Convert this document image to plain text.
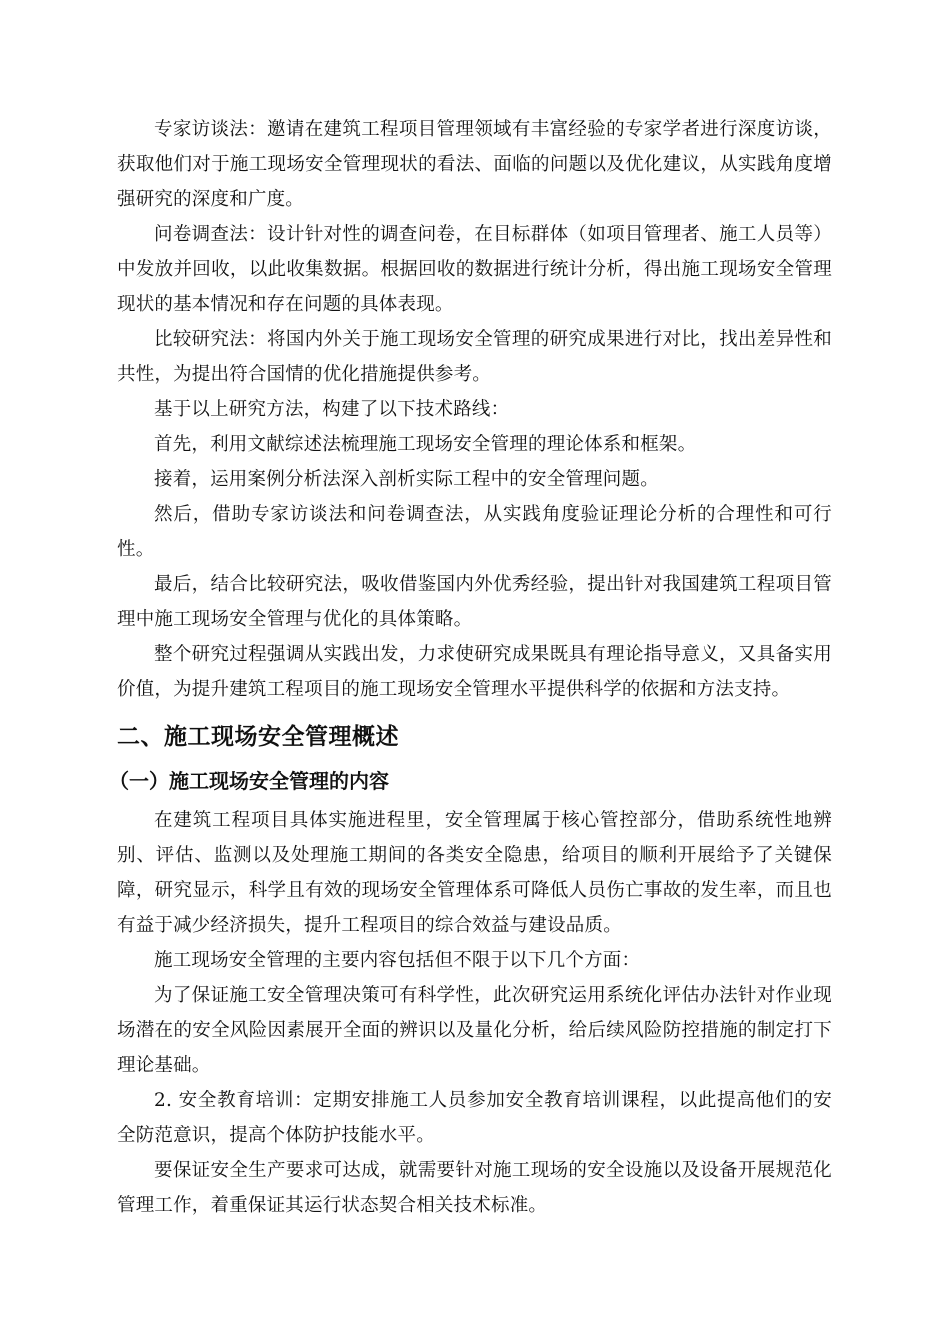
专家访谈法：邀请在建筑工程项目管理领域有丰富经验的专家学者进行深度访谈，获取他们对于施工现场安全管理现状的看法、面临的问题以及优化建议，从实践角度增强研究的深度和广度。

问卷调查法：设计针对性的调查问卷，在目标群体（如项目管理者、施工人员等）中发放并回收，以此收集数据。根据回收的数据进行统计分析，得出施工现场安全管理现状的基本情况和存在问题的具体表现。

比较研究法：将国内外关于施工现场安全管理的研究成果进行对比，找出差异性和共性，为提出符合国情的优化措施提供参考。

基于以上研究方法，构建了以下技术路线：

首先，利用文献综述法梳理施工现场安全管理的理论体系和框架。

接着，运用案例分析法深入剖析实际工程中的安全管理问题。

然后，借助专家访谈法和问卷调查法，从实践角度验证理论分析的合理性和可行性。

最后，结合比较研究法，吸收借鉴国内外优秀经验，提出针对我国建筑工程项目管理中施工现场安全管理与优化的具体策略。

整个研究过程强调从实践出发，力求使研究成果既具有理论指导意义，又具备实用价值，为提升建筑工程项目的施工现场安全管理水平提供科学的依据和方法支持。

二、施工现场安全管理概述
（一）施工现场安全管理的内容

在建筑工程项目具体实施进程里，安全管理属于核心管控部分，借助系统性地辨别、评估、监测以及处理施工期间的各类安全隐患，给项目的顺利开展给予了关键保障，研究显示，科学且有效的现场安全管理体系可降低人员伤亡事故的发生率，而且也有益于减少经济损失，提升工程项目的综合效益与建设品质。

施工现场安全管理的主要内容包括但不限于以下几个方面：

为了保证施工安全管理决策可有科学性，此次研究运用系统化评估办法针对作业现场潜在的安全风险因素展开全面的辨识以及量化分析，给后续风险防控措施的制定打下理论基础。

2. 安全教育培训：定期安排施工人员参加安全教育培训课程，以此提高他们的安全防范意识，提高个体防护技能水平。

要保证安全生产要求可达成，就需要针对施工现场的安全设施以及设备开展规范化管理工作，着重保证其运行状态契合相关技术标准。
